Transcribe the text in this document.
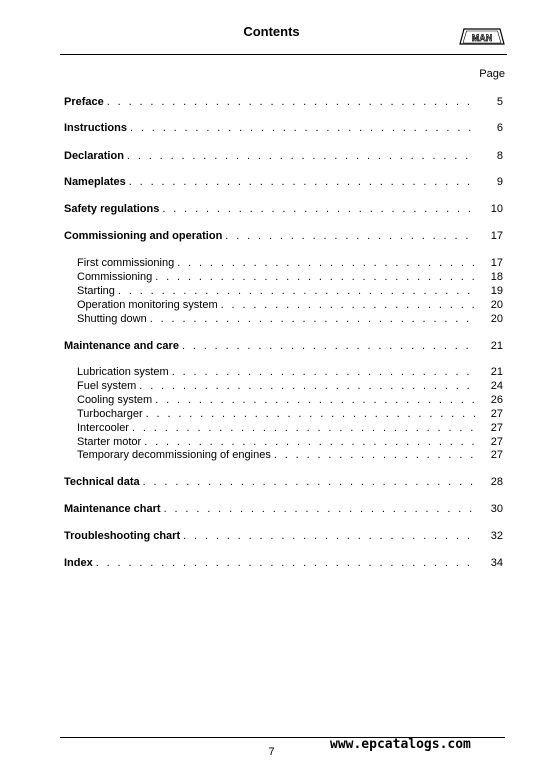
Contents	MAN
Page
Preface . . .	5
Instructions . . .	6
Declaration . . .	8
Nameplates . . .	9
Safety regulations . . .	10
Commissioning and operation . . .	17
First commissioning . . .	17
Commissioning . . .	18
Starting . . .	19
Operation monitoring system . . .	20
Shutting down . . .	20
Maintenance and care . . .	21
Lubrication system . . .	21
Fuel system . . .	24
Cooling system . . .	26
Turbocharger . . .	27
Intercooler . . .	27
Starter motor . . .	27
Temporary decommissioning of engines . . .	27
Technical data . . .	28
Maintenance chart . . .	30
Troubleshooting chart . . .	32
Index . . .	34
7	www.epcatalogs.com
